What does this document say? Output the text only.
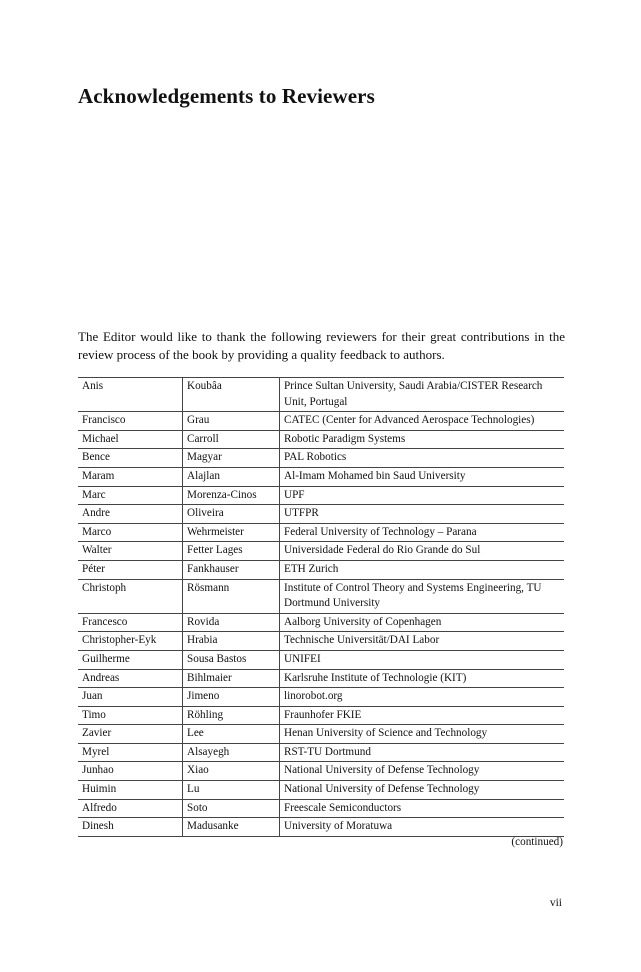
Acknowledgements to Reviewers

The Editor would like to thank the following reviewers for their great contributions in the review process of the book by providing a quality feedback to authors.

Anis	Koubâa	Prince Sultan University, Saudi Arabia/CISTER Research Unit, Portugal
Francisco	Grau	CATEC (Center for Advanced Aerospace Technologies)
Michael	Carroll	Robotic Paradigm Systems
Bence	Magyar	PAL Robotics
Maram	Alajlan	Al-Imam Mohamed bin Saud University
Marc	Morenza-Cinos	UPF
Andre	Oliveira	UTFPR
Marco	Wehrmeister	Federal University of Technology – Parana
Walter	Fetter Lages	Universidade Federal do Rio Grande do Sul
Péter	Fankhauser	ETH Zurich
Christoph	Rösmann	Institute of Control Theory and Systems Engineering, TU Dortmund University
Francesco	Rovida	Aalborg University of Copenhagen
Christopher-Eyk	Hrabia	Technische Universität/DAI Labor
Guilherme	Sousa Bastos	UNIFEI
Andreas	Bihlmaier	Karlsruhe Institute of Technologie (KIT)
Juan	Jimeno	linorobot.org
Timo	Röhling	Fraunhofer FKIE
Zavier	Lee	Henan University of Science and Technology
Myrel	Alsayegh	RST-TU Dortmund
Junhao	Xiao	National University of Defense Technology
Huimin	Lu	National University of Defense Technology
Alfredo	Soto	Freescale Semiconductors
Dinesh	Madusanke	University of Moratuwa
(continued)
vii
